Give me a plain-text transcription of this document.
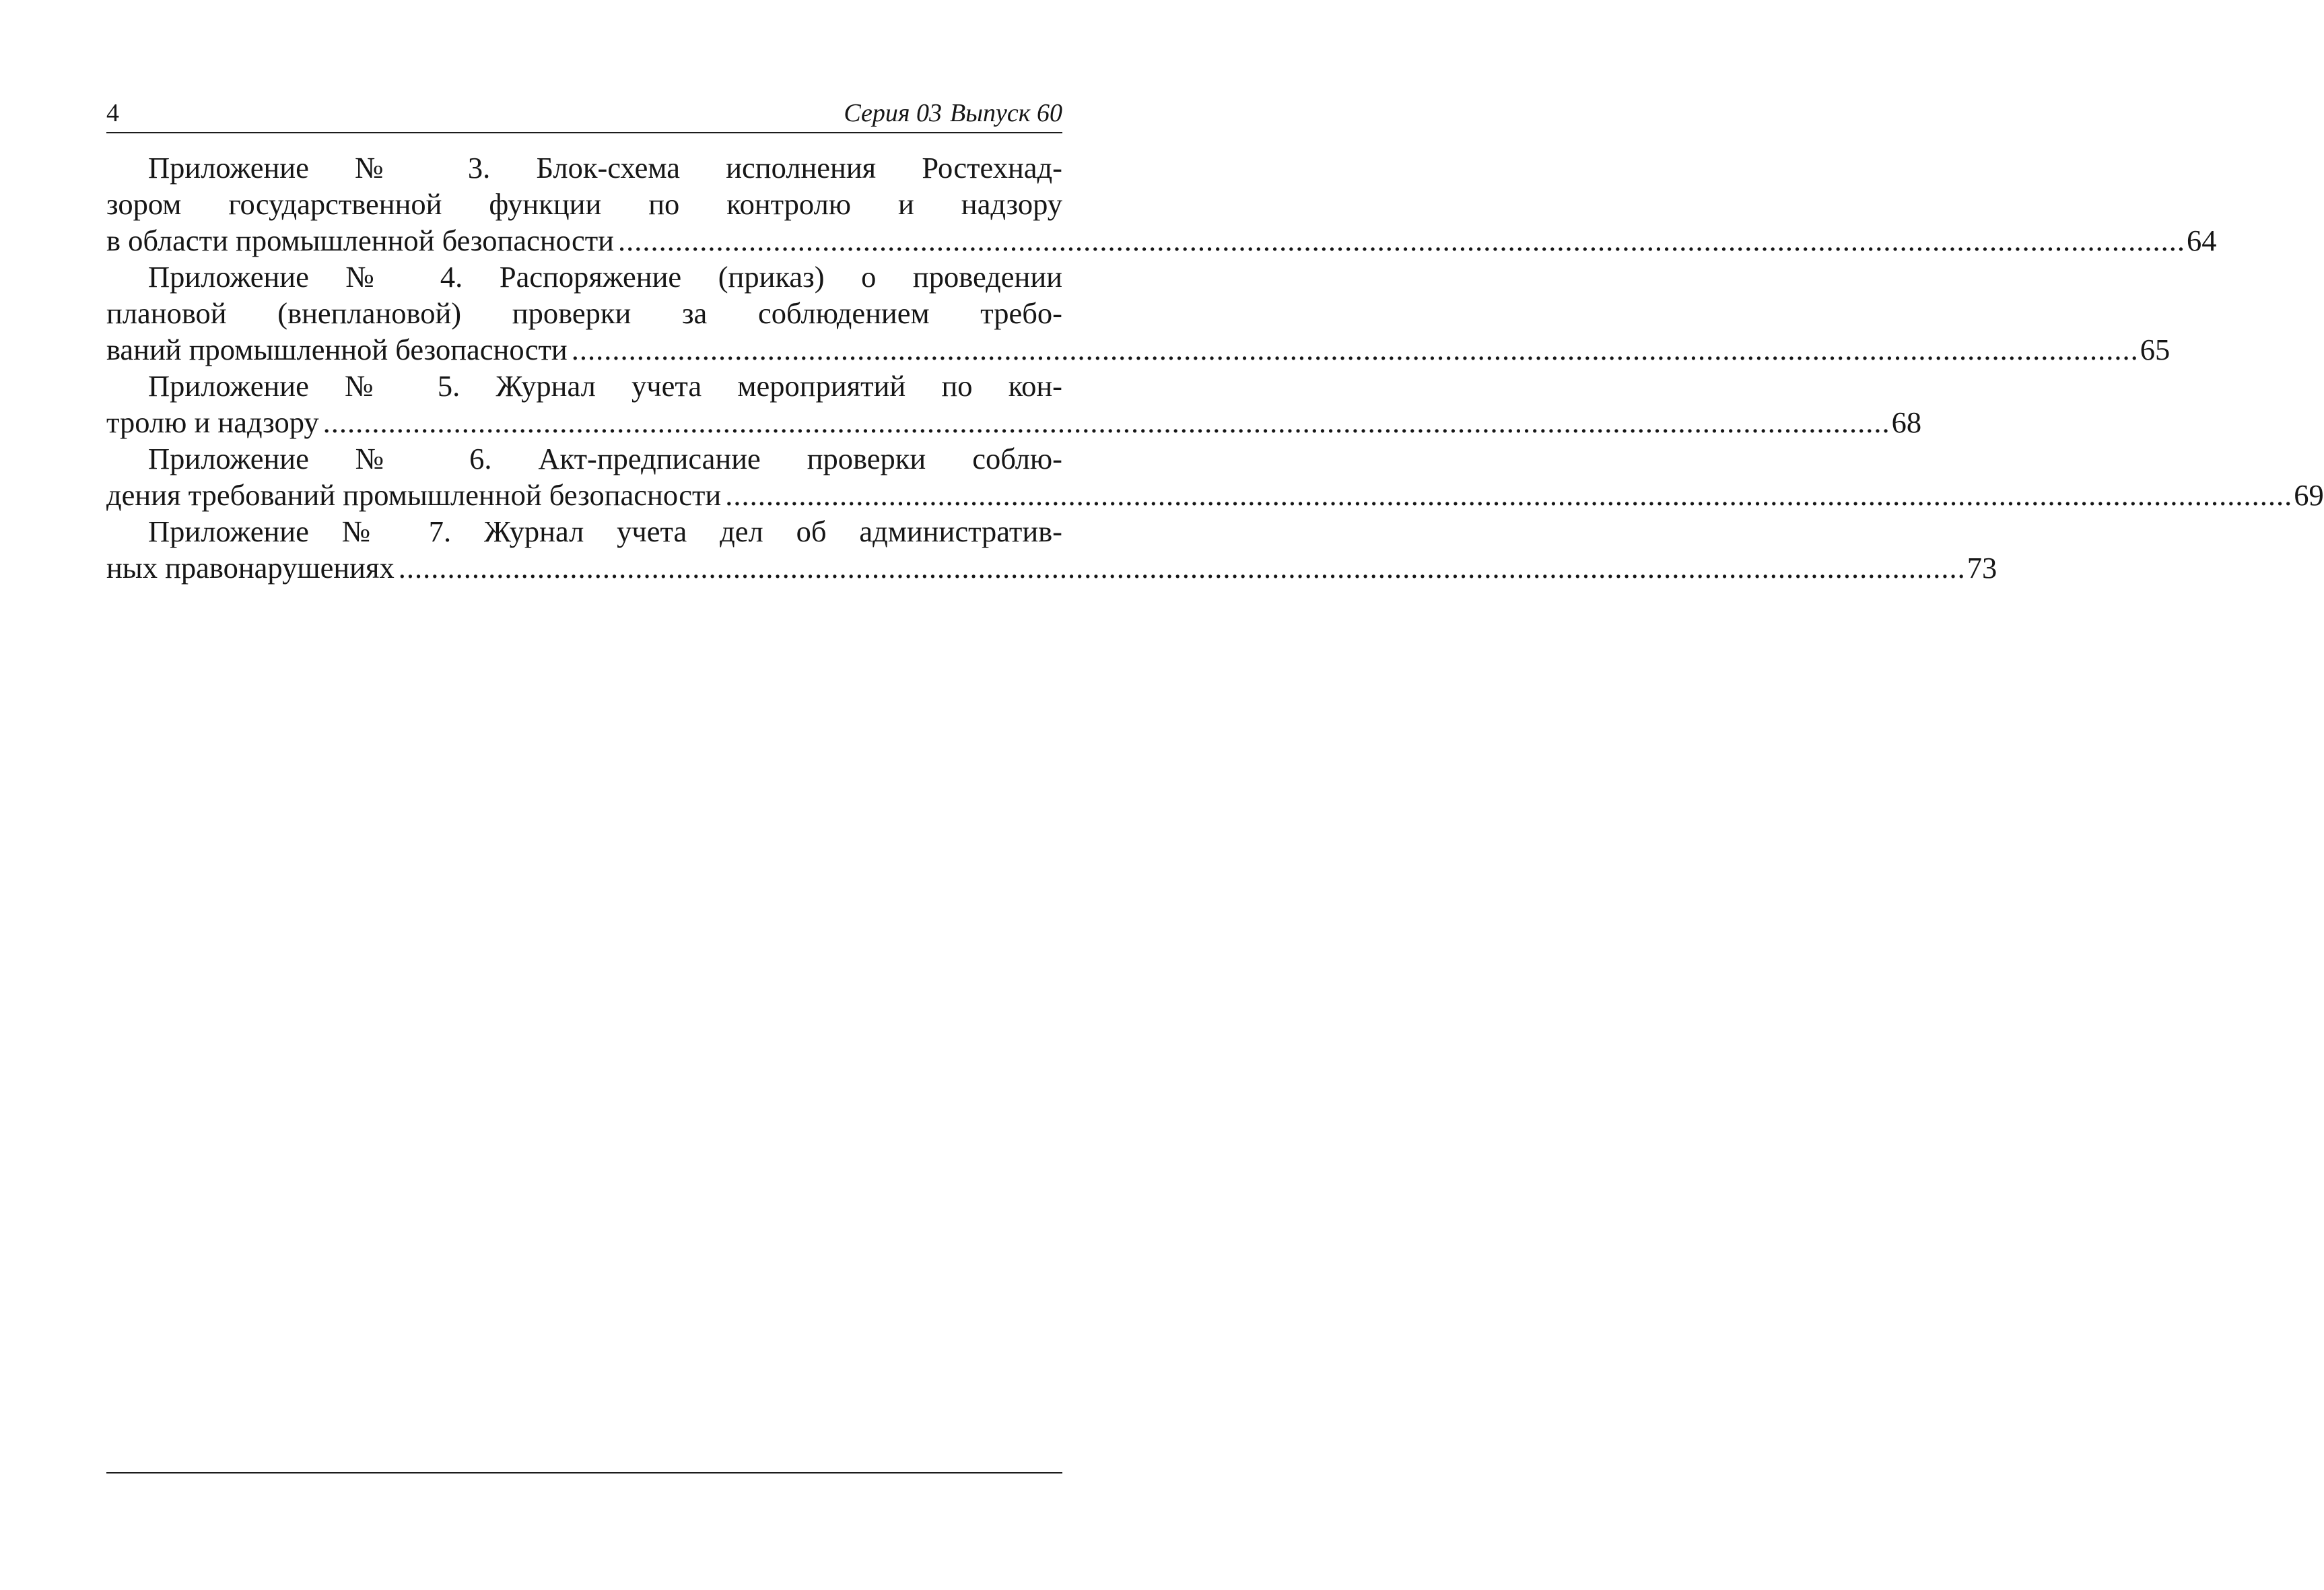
4	Серия 03 Выпуск 60
Приложение № 3. Блок-схема исполнения Ростехнад-
зором государственной функции по контролю и надзору
в области промышленной безопасности ................................................................................................................................................................................................ 64
Приложение № 4. Распоряжение (приказ) о проведении
плановой (внеплановой) проверки за соблюдением требо-
ваний промышленной безопасности ................................................................................................................................................................................................ 65
Приложение № 5. Журнал учета мероприятий по кон-
тролю и надзору ................................................................................................................................................................................................ 68
Приложение № 6. Акт-предписание проверки соблю-
дения требований промышленной безопасности ................................................................................................................................................................................................ 69
Приложение № 7. Журнал учета дел об административ-
ных правонарушениях ................................................................................................................................................................................................ 73
